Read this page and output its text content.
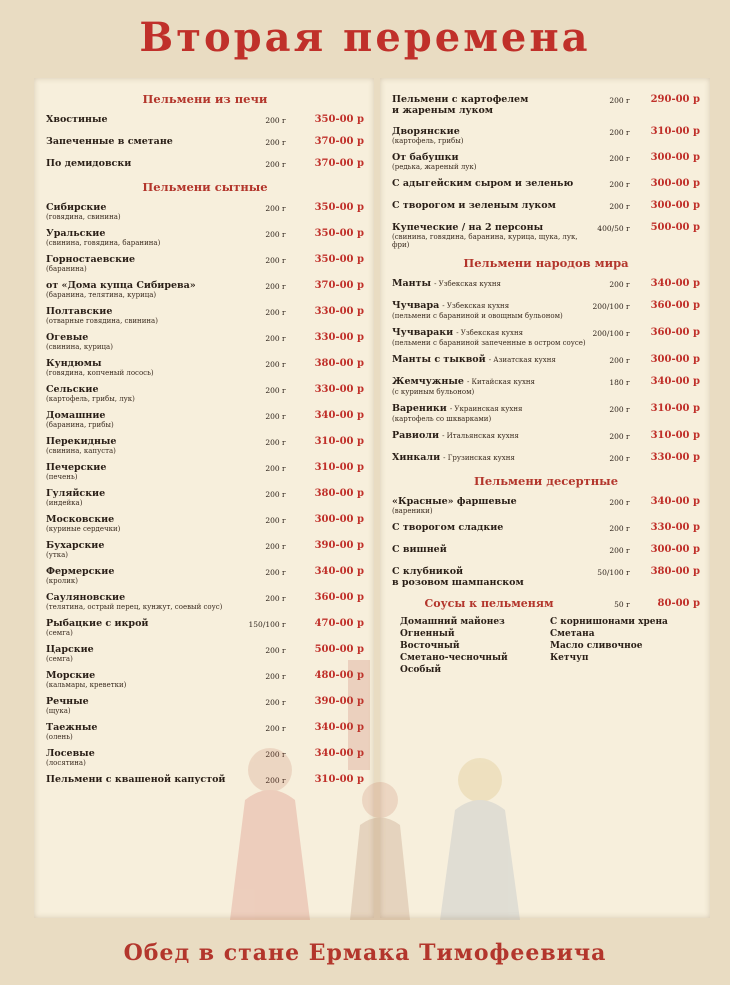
Вторая перемена
Пельмени из печи
Хвостиные	200 г	350-00 р
Запеченные в сметане	200 г	370-00 р
По демидовски	200 г	370-00 р
Пельмени сытные
Сибирские
(говядина, свинина)
200 г	350-00 р
Уральские
(свинина, говядина, баранина)
200 г	350-00 р
Горностаевские
(баранина)
200 г	350-00 р
от «Дома купца Сибирева»
(баранина, телятина, курица)
200 г	370-00 р
Полтавские
(отварные говядина, свинина)
200 г	330-00 р
Огевые
(свинина, курица)
200 г	330-00 р
Кундюмы
(говядина, копченый лосось)
200 г	380-00 р
Сельские
(картофель, грибы, лук)
200 г	330-00 р
Домашние
(баранина, грибы)
200 г	340-00 р
Перекидные
(свинина, капуста)
200 г	310-00 р
Печерские
(печень)
200 г	310-00 р
Гуляйские
(индейка)
200 г	380-00 р
Московские
(куриные сердечки)
200 г	300-00 р
Бухарские
(утка)
200 г	390-00 р
Фермерские
(кролик)
200 г	340-00 р
Сауляновские
(телятина, острый перец, кунжут, соевый соус)
200 г	360-00 р
Рыбацкие с икрой
(семга)
150/100 г	470-00 р
Царские
(семга)
200 г	500-00 р
Морские
(кальмары, креветки)
200 г	480-00 р
Речные
(щука)
200 г	390-00 р
Таежные
(олень)
200 г	340-00 р
Лосевые
(лосятина)
200 г	340-00 р
Пельмени с квашеной капустой	200 г	310-00 р
Пельмени с картофелем
и жареным луком
200 г	290-00 р
Дворянские
(картофель, грибы)
200 г	310-00 р
От бабушки
(редька, жареный лук)
200 г	300-00 р
С адыгейским сыром и зеленью	200 г	300-00 р
С творогом и зеленым луком	200 г	300-00 р
Купеческие / на 2 персоны
(свинина, говядина, баранина, курица, щука, лук, фри)
400/50 г	500-00 р
Пельмени народов мира
Манты - Узбекская кухня	200 г	340-00 р
Чучвара - Узбекская кухня
(пельмени с бараниной и овощным бульоном)
200/100 г	360-00 р
Чучвараки - Узбекская кухня
(пельмени с бараниной запеченные в остром соусе)
200/100 г	360-00 р
Манты с тыквой - Азиатская кухня	200 г	300-00 р
Жемчужные - Китайская кухня
(с куриным бульоном)
180 г	340-00 р
Вареники - Украинская кухня
(картофель со шкварками)
200 г	310-00 р
Равиоли - Итальянская кухня	200 г	310-00 р
Хинкали - Грузинская кухня	200 г	330-00 р
Пельмени десертные
«Красные» фаршевые
(вареники)
200 г	340-00 р
С творогом сладкие	200 г	330-00 р
С вишней	200 г	300-00 р
С клубникой
в розовом шампанском
50/100 г	380-00 р
Соусы к пельменям	50 г	80-00 р
Домашний майонез
Огненный
Восточный
Сметано-чесночный
Особый
С корнишонами хрена
Сметана
Масло сливочное
Кетчуп
Обед в стане Ермака Тимофеевича
